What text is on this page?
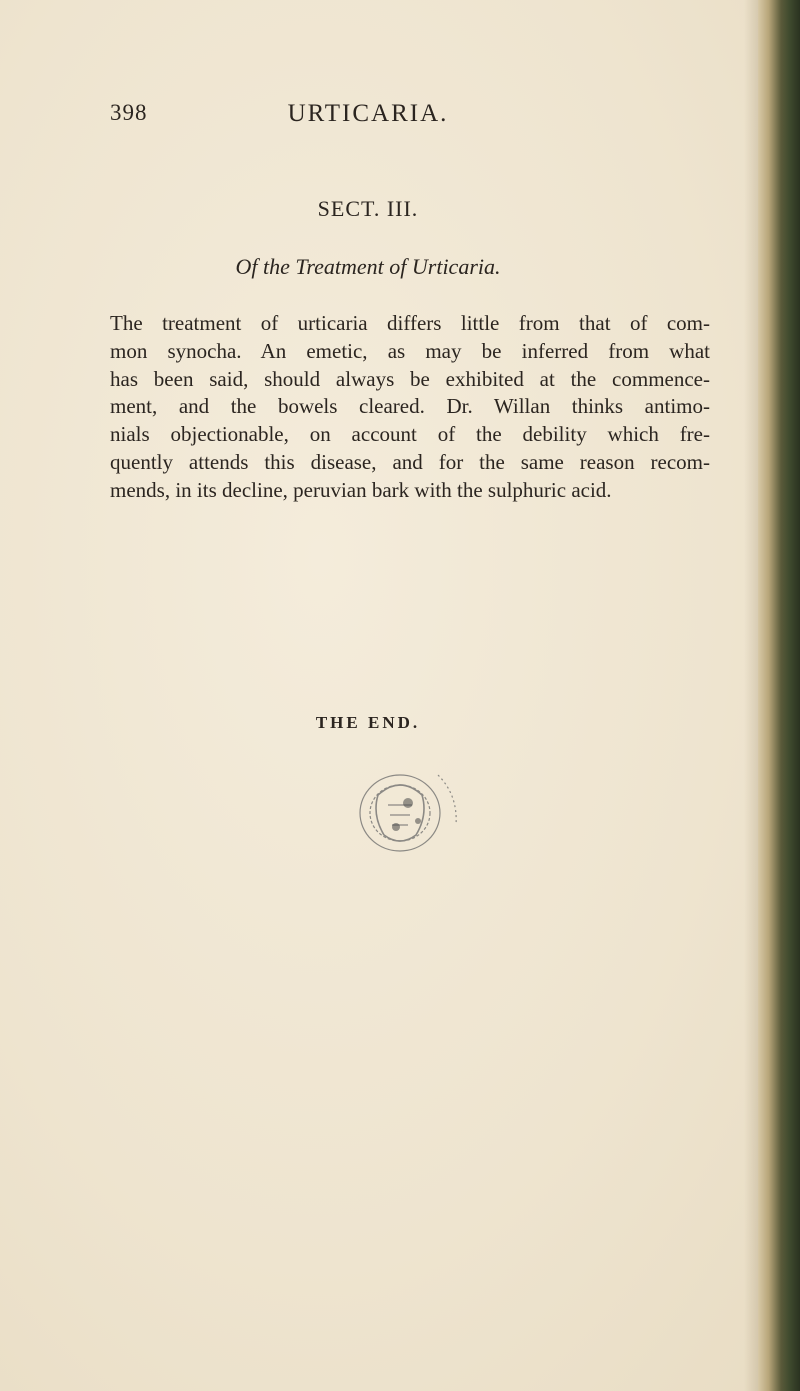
398	URTICARIA.
SECT. III.
Of the Treatment of Urticaria.
The treatment of urticaria differs little from that of com-
mon synocha. An emetic, as may be inferred from what
has been said, should always be exhibited at the commence-
ment, and the bowels cleared. Dr. Willan thinks antimo-
nials objectionable, on account of the debility which fre-
quently attends this disease, and for the same reason recom-
mends, in its decline, peruvian bark with the sulphuric acid.
THE END.
